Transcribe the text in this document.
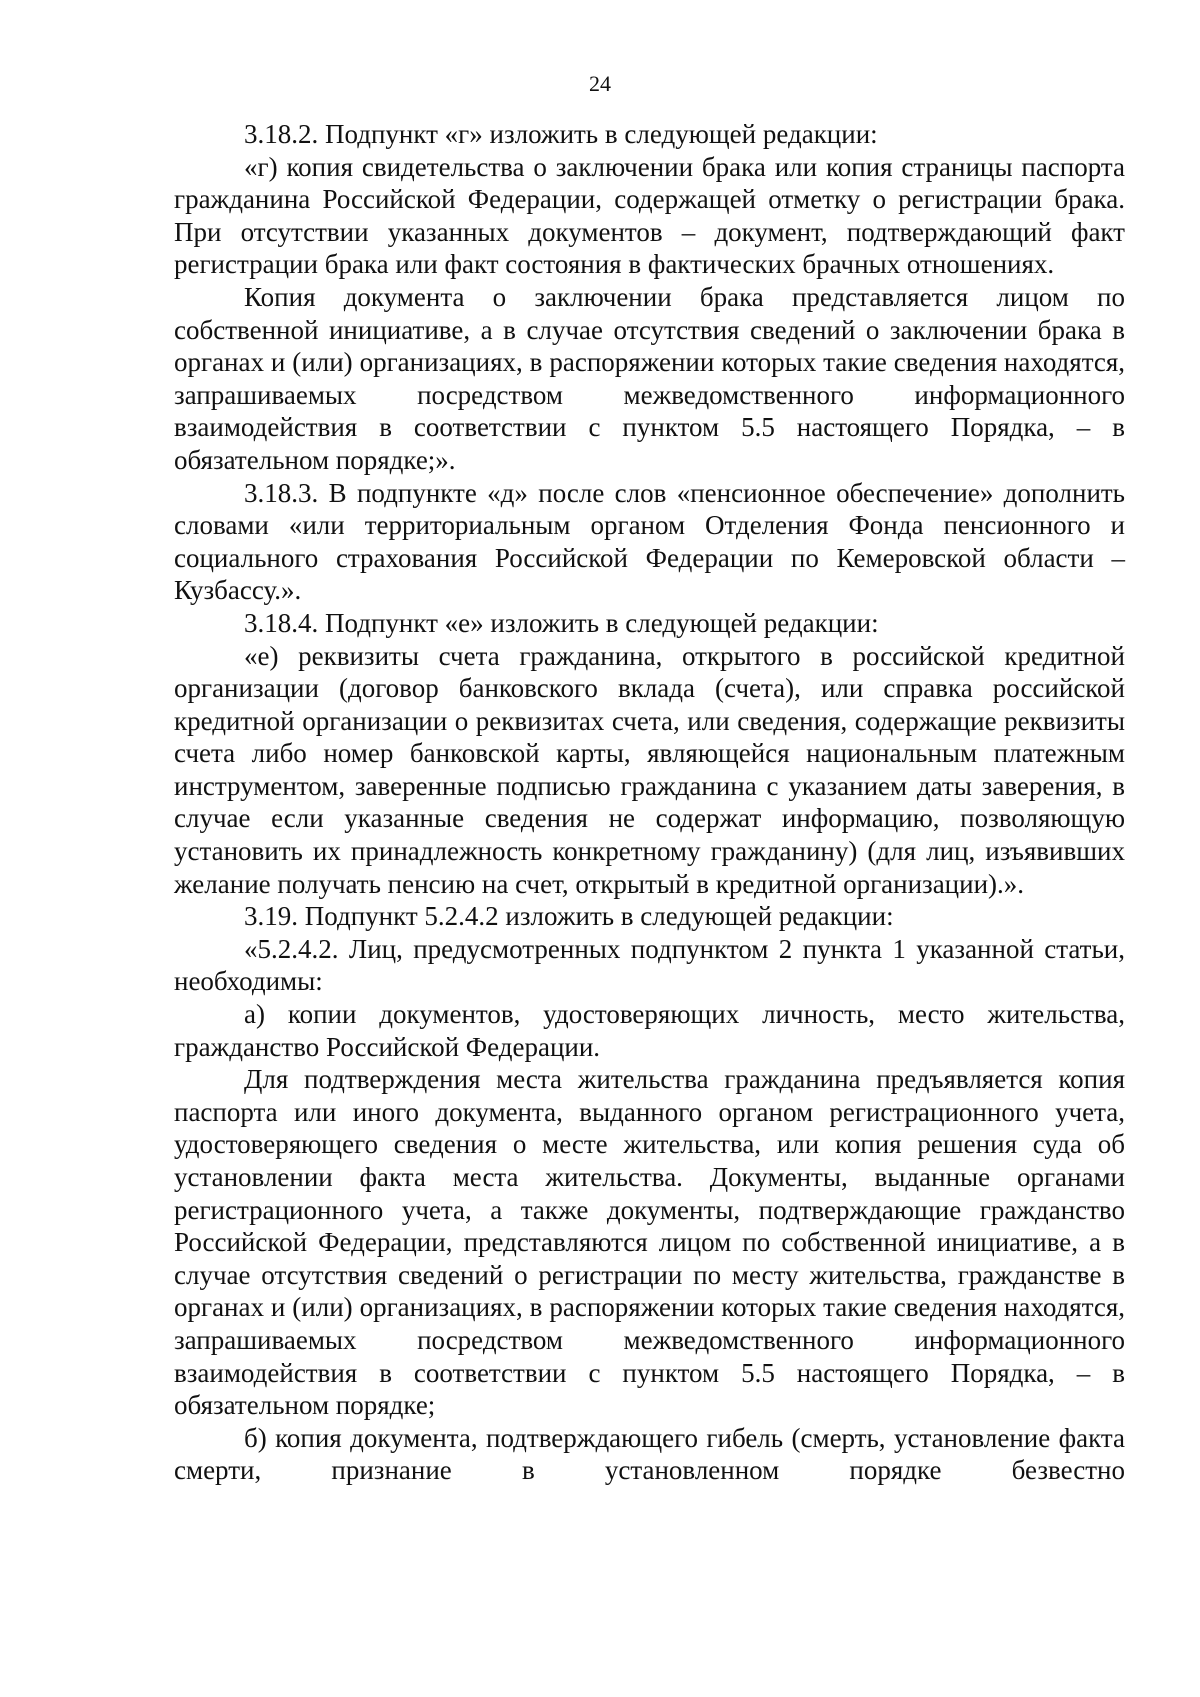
24

3.18.2. Подпункт «г» изложить в следующей редакции:

«г) копия свидетельства о заключении брака или копия страницы паспорта гражданина Российской Федерации, содержащей отметку о регистрации брака. При отсутствии указанных документов – документ, подтверждающий факт регистрации брака или факт состояния в фактических брачных отношениях.

Копия документа о заключении брака представляется лицом по собственной инициативе, а в случае отсутствия сведений о заключении брака в органах и (или) организациях, в распоряжении которых такие сведения находятся, запрашиваемых посредством межведомственного информационного взаимодействия в соответствии с пунктом 5.5 настоящего Порядка, – в обязательном порядке;».

3.18.3. В подпункте «д» после слов «пенсионное обеспечение» дополнить словами «или территориальным органом Отделения Фонда пенсионного и социального страхования Российской Федерации по Кемеровской области – Кузбассу.».

3.18.4. Подпункт «е» изложить в следующей редакции:

«е) реквизиты счета гражданина, открытого в российской кредитной организации (договор банковского вклада (счета), или справка российской кредитной организации о реквизитах счета, или сведения, содержащие реквизиты счета либо номер банковской карты, являющейся национальным платежным инструментом, заверенные подписью гражданина с указанием даты заверения, в случае если указанные сведения не содержат информацию, позволяющую установить их принадлежность конкретному гражданину) (для лиц, изъявивших желание получать пенсию на счет, открытый в кредитной организации).».

3.19. Подпункт 5.2.4.2 изложить в следующей редакции:

«5.2.4.2. Лиц, предусмотренных подпунктом 2 пункта 1 указанной статьи, необходимы:

а) копии документов, удостоверяющих личность, место жительства, гражданство Российской Федерации.

Для подтверждения места жительства гражданина предъявляется копия паспорта или иного документа, выданного органом регистрационного учета, удостоверяющего сведения о месте жительства, или копия решения суда об установлении факта места жительства. Документы, выданные органами регистрационного учета, а также документы, подтверждающие гражданство Российской Федерации, представляются лицом по собственной инициативе, а в случае отсутствия сведений о регистрации по месту жительства, гражданстве в органах и (или) организациях, в распоряжении которых такие сведения находятся, запрашиваемых посредством межведомственного информационного взаимодействия в соответствии с пунктом 5.5 настоящего Порядка, – в обязательном порядке;

б) копия документа, подтверждающего гибель (смерть, установление факта смерти, признание в установленном порядке безвестно
